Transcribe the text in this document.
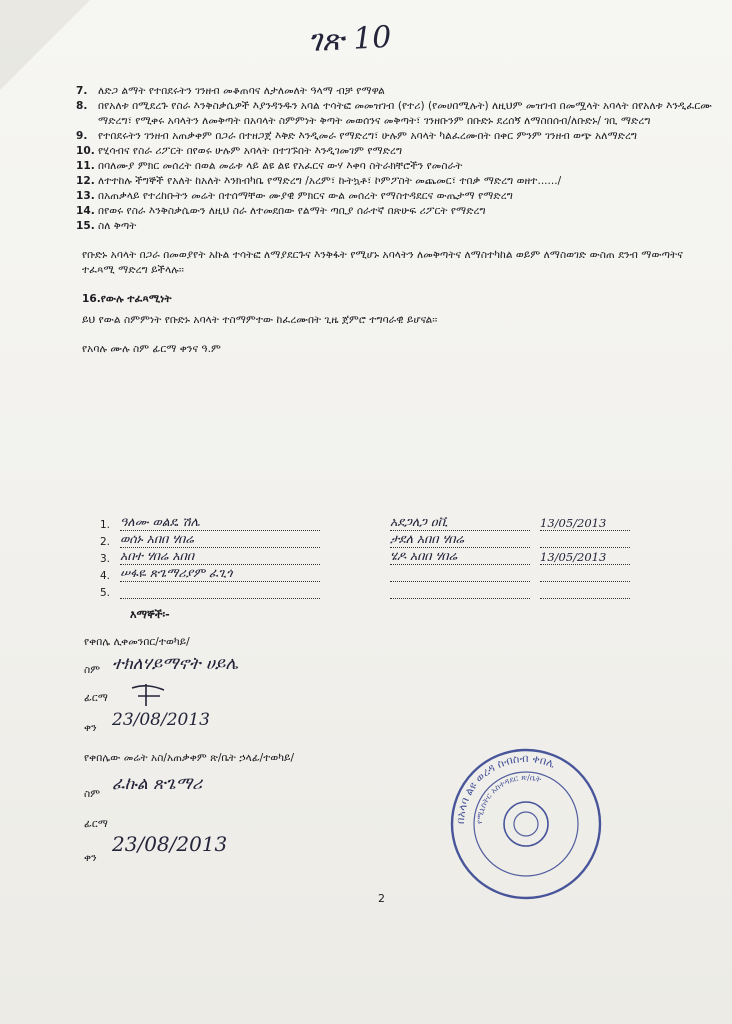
ገጽ 10
7. ለድጋ ልማት የተበደሩትን ገንዘብ መቆጠባና ለታለመለት ዓላማ ብቻ የማዋል
8. በየአለቱ በሚደረጉ የስራ እንቅስቃሴዎች እያንዳንዱን አባል ተሳትፎ መመዝገብ (የተሪ) (የመሀበሚሉት) ለዚህም መዝገብ በመሟላት አባላት በየአለቱ እንዲፈርሙ ማድረግ፣ የሚቀሩ አባላትን ለመቅጣት በአባላት ስምምነት ቅጣት መወሰንና መቅጣት፣ ገንዘቡንም በቡድኑ ደረሰኝ ለማስበሰብ/ለቡድኑ/ ገቢ ማድረግ
9. የተበደሩትን ገንዘብ አጠቃቀም በጋራ በተዘጋጀ እቅድ እንዲመራ የማድረግ፣ ሁሉም አባላት ካልፈረሙበት በቀር ምንም ገንዘብ ወጭ አለማድረግ
10. የሂሳብና የስራ ሪፖርት በየወሩ ሁሉም አባላት በተገኙበት እንዲገመገም የማድረግ
11. በባለሙያ ምክር መሰረት በወል መሬቱ ላይ ልዩ ልዩ የአፈርና ውሃ እቀባ ስትራክቸሮችን የመስራት
12. ለተተከሉ ችግኞች የአለት ከአለት እንክብካቤ የማድረግ /አረም፣ ኩትኳቶ፣ ኮምፖስት መጨመር፣ ተበቃ ማድረግ ወዘተ....../
13. በአጠቃላይ የተረከቡትን መሬት በተሰማቸው ሙያዊ ምክርና ውል መሰረት የማስተዳደርና ውጤታማ የማድረግ
14. በየወሩ የስራ እንቅስቃሴውን ለዚህ ስራ ለተመደበው የልማት ጣቢያ ሰራተኛ በጽሁፍ ሪፖርት የማድረግ
15. ስለ ቅጣት

የቡድኑ አባላት በጋራ በመወያየት አኩል ተሳትፎ ለማያደርጉና እንቅፋት የሚሆኑ አባላትን ለመቅጣትና ለማስተካከል ወይም ለማስወገድ ውስጠ ደንብ ማውጣትና ተፈጻሚ ማድረግ ይችላሉ፡፡

16.የውሉ ተፈጻሚነት

ይህ የውል ስምምነት የቡድኑ አባላት ተስማምተው ከፈረሙበት ጊዜ ጀምሮ ተግባራዊ ይሆናል፡፡

የአባሉ ሙሉ ስም ፊርማ ቀንና ዓ.ም

1. ዓለሙ ወልዴ ሽሌ	አደጋለጋ ዐቪ	13/05/2013
2. ወሰኑ አበበ ሃበሬ	ታደለ አበበ ሃበሬ
3. አበተ ሃበሬ አበበ	ሄዶ አበበ ሃበሬ	13/05/2013
4. ሠፋዬ ጽጌማሪያም ፈጊጎ
5.
እማኞች፡-
የቀበሌ ሊቀመንበር/ተወካይ/
ስም ተክለሃይማኖት ሀይሌ
ፊርማ
ቀን 23/08/2013
የቀበሌው መሬት አስ/አጠቃቀም ጽ/ቤት ኃላፊ/ተወካይ/
ስም ፈኩል ጽጌማሪ
ፊርማ
ቀን
23/08/2013
በአላባ ልዩ ወረዳ ስብስብ ቀበሌ
የሚኒስትር አስተዳደር ጽ/ቤት
2
